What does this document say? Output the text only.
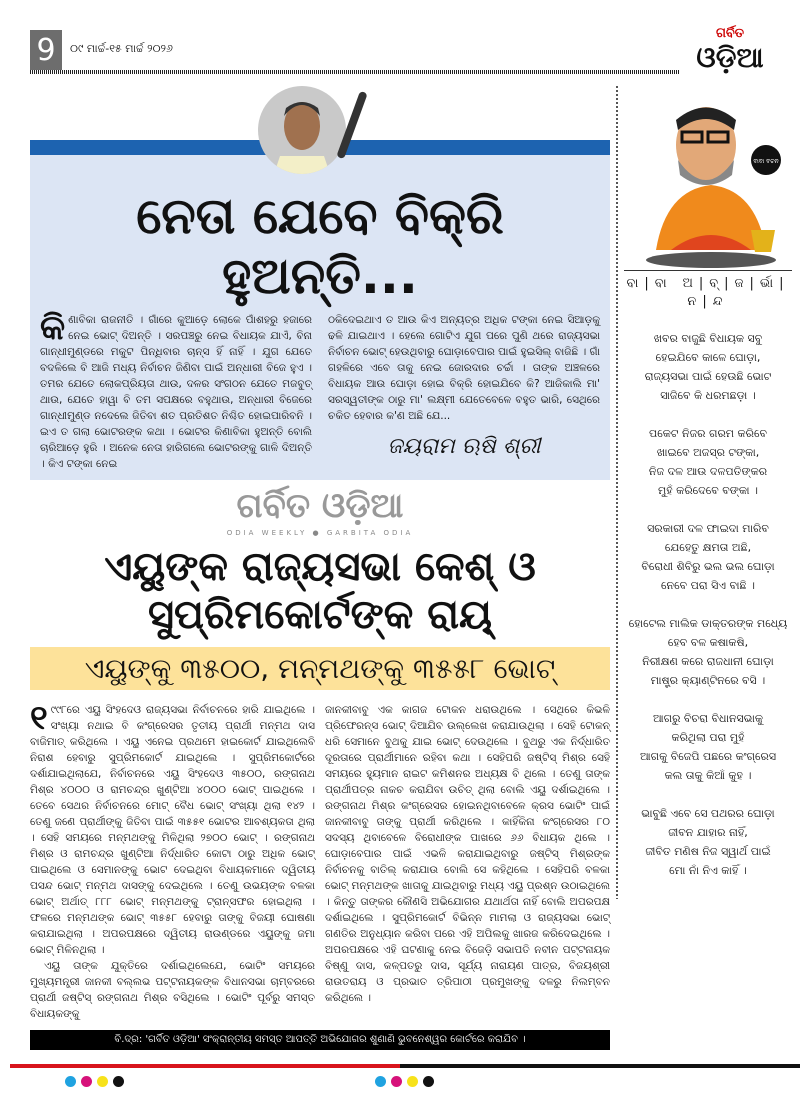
9	୦୯ ମାର୍ଚ୍ଚ-୧୫ ମାର୍ଚ୍ଚ ୨୦୨୬
ଗର୍ବିତ
ଓଡ଼ିଆ
ନେତା ଯେବେ ବିକ୍ରି ହୁଅନ୍ତି...
କି ଣାବିକା ରାଜନୀତି । ଗାଁରେ କୁଆଡ଼େ ଲୋକେ ପାଁଶହରୁ ହଜାରେ ନେଇ ଭୋଟ୍ ଦିଅନ୍ତି । ସରପଞ୍ଚରୁ ନେଇ ବିଧାୟକ ଯାଏଁ, ବିନା ଗାନ୍ଧୀମୁଣ୍ଡରେ ମକୁଟ ପିନ୍ଧିବାର ଚାନ୍ସ ହିଁ ନାହିଁ । ଯୁଗ ଯେତେ ବଦଳିଲେ ବି ଆଜି ମଧ୍ୟ ନିର୍ବାଚନ ଜିଣିବା ପାଇଁ ଅନ୍ଧାରୀ ବିଜେ ହୁଏ । ତମର ଯେତେ ଲୋକପ୍ରିୟତା ଥାଉ, ଦଳର ସଂଗଠନ ଯେତେ ମଜବୁତ୍ ଥାଉ, ଯେତେ ହାୱା ବି ତମ ସପକ୍ଷରେ ବହୁଥାଉ, ଅନ୍ଧାରୀ ବିଜେରେ ଗାନ୍ଧୀମୁଣ୍ଡ ନଦେଲେ ଜିତିବା ଶତ ପ୍ରତିଶତ ନିଶ୍ଚିତ ହୋଇପାରିବନି । ଇଏ ତ ଗଲା ଭୋଟରଙ୍କ କଥା । ଭୋଟର କିଣାବିକା ହୁଅନ୍ତି ବୋଲି ଚାରିଆଡ଼େ ହୁରି । ଅନେକ ନେତା ହାରିଗଲେ ଭୋଟରଙ୍କୁ ଗାଳି ଦିଅନ୍ତି । କିଏ ଟଙ୍କା ନେଇ
ଠକିଦେଇଥାଏ ତ ଆଉ କିଏ ଅନ୍ୟତ୍ର ଅଧିକ ଟଙ୍କା ନେଇ ସିଆଡ଼କୁ ଢଳି ଯାଇଥାଏ । ହେଲେ ଗୋଟିଏ ଯୁଗ ପରେ ପୁଣି ଥରେ ରାଜ୍ୟସଭା ନିର୍ବାଚନ ଭୋଟ୍ ହେଉଥିବାରୁ ଘୋଡ଼ାବେପାର ପାଇଁ ହୁଇସିଲ୍ ବାଜିଛି । ଗାଁ ଗହଳିରେ ଏବେ ତାକୁ ନେଇ ଜୋରଦାର ଚର୍ଚ୍ଚା । ତାଙ୍କ ଅଞ୍ଚଳରେ ବିଧାୟକ ଆଉ ଘୋଡ଼ା ହୋଇ ବିକ୍ରି ହୋଇଯିବେ କି? ଆଜିକାଲି ମା' ସରସ୍ୱତୀଙ୍କ ଠାରୁ ମା' ଲକ୍ଷ୍ମୀ ଯେତେବେଳେ ବହୁତ ଭାରି, ସେଥିରେ ଚକିତ ହେବାର କ'ଣ ଅଛି ଯେ...
ଜୟରାମ ଋଷି ଶ୍ରୀ
ଗର୍ବିତ ଓଡ଼ିଆ
ODIA WEEKLY ● GARBITA ODIA
ଏୟୁଙ୍କ ରାଜ୍ୟସଭା କେଶ୍ ଓ ସୁପ୍ରିମକୋର୍ଟଙ୍କ ରାୟ୍
ଏୟୁଙ୍କୁ ୩୫୦୦, ମନ୍ମଥଙ୍କୁ ୩୫୫୮ ଭୋଟ୍
୧ ୯୯୮ରେ ଏୟୁ ସିଂହଦେଓ ରାଜ୍ୟସଭା ନିର୍ବାଚନରେ ହାରି ଯାଇଥିଲେ । ସଂଖ୍ୟା ନଥାଇ ବି କଂଗ୍ରେସର ତୃତୀୟ ପ୍ରାର୍ଥୀ ମନ୍ମଥ ଦାସ ବାଜିମାତ୍ କରିଥିଲେ । ଏୟୁ ଏନେଇ ପ୍ରଥମେ ହାଇକୋର୍ଟ ଯାଇଥିଲେବି ନିରାଶ ହେବାରୁ ସୁପ୍ରିମକୋର୍ଟ ଯାଇଥିଲେ । ସୁପ୍ରିମକୋର୍ଟରେ ଦର୍ଶାଯାଇଥିଲାଯେ, ନିର୍ବାଚନରେ ଏୟୁ ସିଂହଦେଓ ୩୫୦୦, ରଙ୍ଗନାଥ ମିଶ୍ର ୪୦୦୦ ଓ ରାମଚନ୍ଦ୍ର ଖୁଣ୍ଟିଆ ୪୦୦୦ ଭୋଟ୍ ପାଇଥିଲେ । ତେବେ ସେଥର ନିର୍ବାଚନରେ ମୋଟ୍ ବୈଧ ଭୋଟ୍ ସଂଖ୍ୟା ଥିଲା ୧୪୨ । ତେଣୁ ଜଣେ ପ୍ରାର୍ଥୀଙ୍କୁ ଜିତିବା ପାଇଁ ୩୫୫୧ ଭୋଟର ଆବଶ୍ୟକତା ଥିଲା । ସେହି ସମୟରେ ମନ୍ମଥଙ୍କୁ ମିଳିଥିଲା ୨୭୦୦ ଭୋଟ୍ । ରଙ୍ଗନାଥ ମିଶ୍ର ଓ ରାମଚନ୍ଦ୍ର ଖୁଣ୍ଟିଆ ନିର୍ଦ୍ଧାରିତ କୋଟା ଠାରୁ ଅଧିକ ଭୋଟ୍ ପାଇଥିଲେ ଓ ସେମାନଙ୍କୁ ଭୋଟ ଦେଇଥିବା ବିଧାୟକମାନେ ଦ୍ୱିତୀୟ ପସନ୍ଦ ଭୋଟ୍ ମନ୍ମଥ ଦାସଙ୍କୁ ଦେଇଥିଲେ । ତେଣୁ ଉଭୟଙ୍କ ବଳକା ଭୋଟ୍ ଅର୍ଥାତ୍ ୮୮୮ ଭୋଟ୍ ମନ୍ମଥଙ୍କୁ ଟ୍ରାନ୍ସଫର ହୋଇଥିଲା । ଫଳରେ ମନ୍ମଥଙ୍କ ଭୋଟ୍ ୩୫୫୮ ହେବାରୁ ତାଙ୍କୁ ବିଜୟୀ ଘୋଷଣା କରାଯାଇଥିଲା । ଅପରପକ୍ଷରେ ଦ୍ୱିତୀୟ ରାଉଣ୍ଡରେ ଏୟୁଙ୍କୁ ଜମା ଭୋଟ୍ ମିଳିନଥିଲା ।

ଏୟୁ ତାଙ୍କ ଯୁକ୍ତିରେ ଦର୍ଶାଇଥିଲେଯେ, ଭୋଟିଂ ସମୟରେ ମୁଖ୍ୟମନ୍ତ୍ରୀ ଜାନକୀ ବଲ୍ଲଭ ପଟ୍ଟନାୟକଙ୍କ ବିଧାନସଭା ଚାମ୍ବରରେ ପ୍ରାର୍ଥୀ ଜଷ୍ଟିସ୍ ରଙ୍ଗନାଥ ମିଶ୍ର ବସିଥିଲେ । ଭୋଟିଂ ପୂର୍ବରୁ ସମସ୍ତ ବିଧାୟକଙ୍କୁ

ଜାନକୀବାବୁ ଏକ କାଗଜ ଟୋକନ ଧରାଉଥିଲେ । ସେଥିରେ କିଭଳି ପ୍ରିଫେରନ୍ସ ଭୋଟ୍ ଦିଆଯିବ ଉଲ୍ଲେଖ କରାଯାଉଥିଲା । ସେହି ଟୋକନ୍ ଧରି ସେମାନେ ବୁଥକୁ ଯାଇ ଭୋଟ୍ ଦେଉଥିଲେ । ବୁଥରୁ ଏକ ନିର୍ଦ୍ଧାରିତ ଦୂରତାରେ ପ୍ରାର୍ଥୀମାନେ ରହିବା କଥା । ସେହିପରି ଜଷ୍ଟିସ୍ ମିଶ୍ର ସେହି ସମୟରେ ହ୍ୟୁମାନ ରାଇଟ କମିଶନର ଅଧ୍ୟକ୍ଷ ବି ଥିଲେ । ତେଣୁ ତାଙ୍କ ପ୍ରାର୍ଥୀପତ୍ର ନାକଚ କରାଯିବା ଉଚିତ୍ ଥିଲା ବୋଲି ଏୟୁ ଦର୍ଶାଇଥିଲେ । ରଙ୍ଗନାଥ ମିଶ୍ର କଂଗ୍ରେସର ହୋଇନଥିବାବେଳେ କ୍ରସ ଭୋଟିଂ ପାଇଁ ଜାନକୀବାବୁ ତାଙ୍କୁ ପ୍ରାର୍ଥୀ କରିଥିଲେ । କାହିଁକିନା କଂଗ୍ରେସର ୮୦ ସଦସ୍ୟ ଥିବାବେଳେ ବିରୋଧୀଙ୍କ ପାଖରେ ୬୬ ବିଧାୟକ ଥିଲେ । ଘୋଡ଼ାବେପାର ପାଇଁ ଏଭଳି କରାଯାଇଥିବାରୁ ଜଷ୍ଟିସ୍ ମିଶ୍ରଙ୍କ ନିର୍ବାଚନକୁ ବାତିଲ୍ କରାଯାଉ ବୋଲି ସେ କହିଥିଲେ । ସେହିପରି ବଳକା ଭୋଟ୍ ମନ୍ମଥଙ୍କ ଖାତାକୁ ଯାଇଥିବାରୁ ମଧ୍ୟ ଏୟୁ ପ୍ରଶ୍ନ ଉଠାଇଥିଲେ । କିନ୍ତୁ ତାଙ୍କର କୌଣସି ଅଭିଯୋଗର ଯଥାର୍ଥତା ନାହିଁ ବୋଲି ଅପରପକ୍ଷ ଦର୍ଶାଇଥିଲେ । ସୁପ୍ରିମକୋର୍ଟ ବିଭିନ୍ନ ମାମଲା ଓ ରାଜ୍ୟସଭା ଭୋଟ୍ ଗଣତିର ଅନୁଧ୍ୟାନ କରିବା ପରେ ଏହି ଅପିଲକୁ ଖାରଜ କରିଦେଇଥିଲେ । ଅପରପକ୍ଷରେ ଏହି ଘଟଣାକୁ ନେଇ ବିଜେଡ଼ି ସଭାପତି ନବୀନ ପଟ୍ଟନାୟକ ବିଷ୍ଣୁ ଦାସ, କଳ୍ପତରୁ ଦାସ, ସୂର୍ଯ୍ୟ ନାରାୟଣ ପାତ୍ର, ବିଜୟଶ୍ରୀ ରାଉତରାୟ ଓ ପ୍ରଭାତ ତ୍ରିପାଠୀ ପ୍ରମୁଖଙ୍କୁ ଦଳରୁ ନିଲମ୍ବନ କରିଥିଲେ ।
ବି.ଦ୍ର: 'ଗର୍ବିତ ଓଡ଼ିଆ' ସଂକ୍ରାନ୍ତୀୟ ସମସ୍ତ ଆପତ୍ତି ଅଭିଯୋଗର ଶୁଣାଣି ଭୁବନେଶ୍ୱର କୋର୍ଟରେ କରାଯିବ ।
ବାବା ବଚନ
ବା|ବା ଅ|ବ୍|ଜ|ର୍ଭା|ନ|ନ୍ଦ
ଖବର ବାଜୁଛି ବିଧାୟକ ସବୁ
ହେଇଯିବେ କାଳେ ଘୋଡ଼ା,
ରାଜ୍ୟସଭା ପାଇଁ ହେଉଛି ଭୋଟ
ସାଜିବେ କି ଧରମଛଡ଼ା ।
ପକେଟ ନିଜର ଗରମ କରିବେ
ଖାଇବେ ଅଜସ୍ର ଟଙ୍କା,
ନିଜ ଦଳ ଆଉ ଦଳପତିଙ୍କର
ମୁହଁ କରିଦେବେ ବଙ୍କା ।
ସରକାରୀ ଦଳ ଫାଇଦା ମାରିବ
ଯେହେତୁ କ୍ଷମତା ଅଛି,
ବିରୋଧୀ ଶିବିରୁ ଭଲ ଭଲ ଘୋଡ଼ା
ନେବେ ପରା ସିଏ ବାଛି ।
ହୋଟେଲ ମାଲିକ ଡାକ୍ତରଙ୍କ ମଧ୍ୟେ
ହେବ ବଳ କଷାକଷି,
ନିରୀକ୍ଷଣ କରେ ରାଜଧାନୀ ଘୋଡ଼ା
ମାଷ୍ଟ୍ର କ୍ୟାଣ୍ଟିନରେ ବସି ।
ଆଗରୁ ବିଚରା ବିଧାନସଭାକୁ
କରିଥିଲା ପରା ମୁହଁ
ଆଗକୁ ବିଜେପି ପଛରେ କଂଗ୍ରେସ
କଲ ତାକୁ କିଆଁ କୁହ ।
ଭାବୁଛି ଏବେ ସେ ପଥରର ଘୋଡ଼ା
ଜୀବନ ଯାହାର ନାହିଁ,
ଜୀବିତ ମଣିଷ ନିଜ ସ୍ୱାର୍ଥ ପାଇଁ
ମୋ ନାଁ ନିଏ କାହିଁ ।
